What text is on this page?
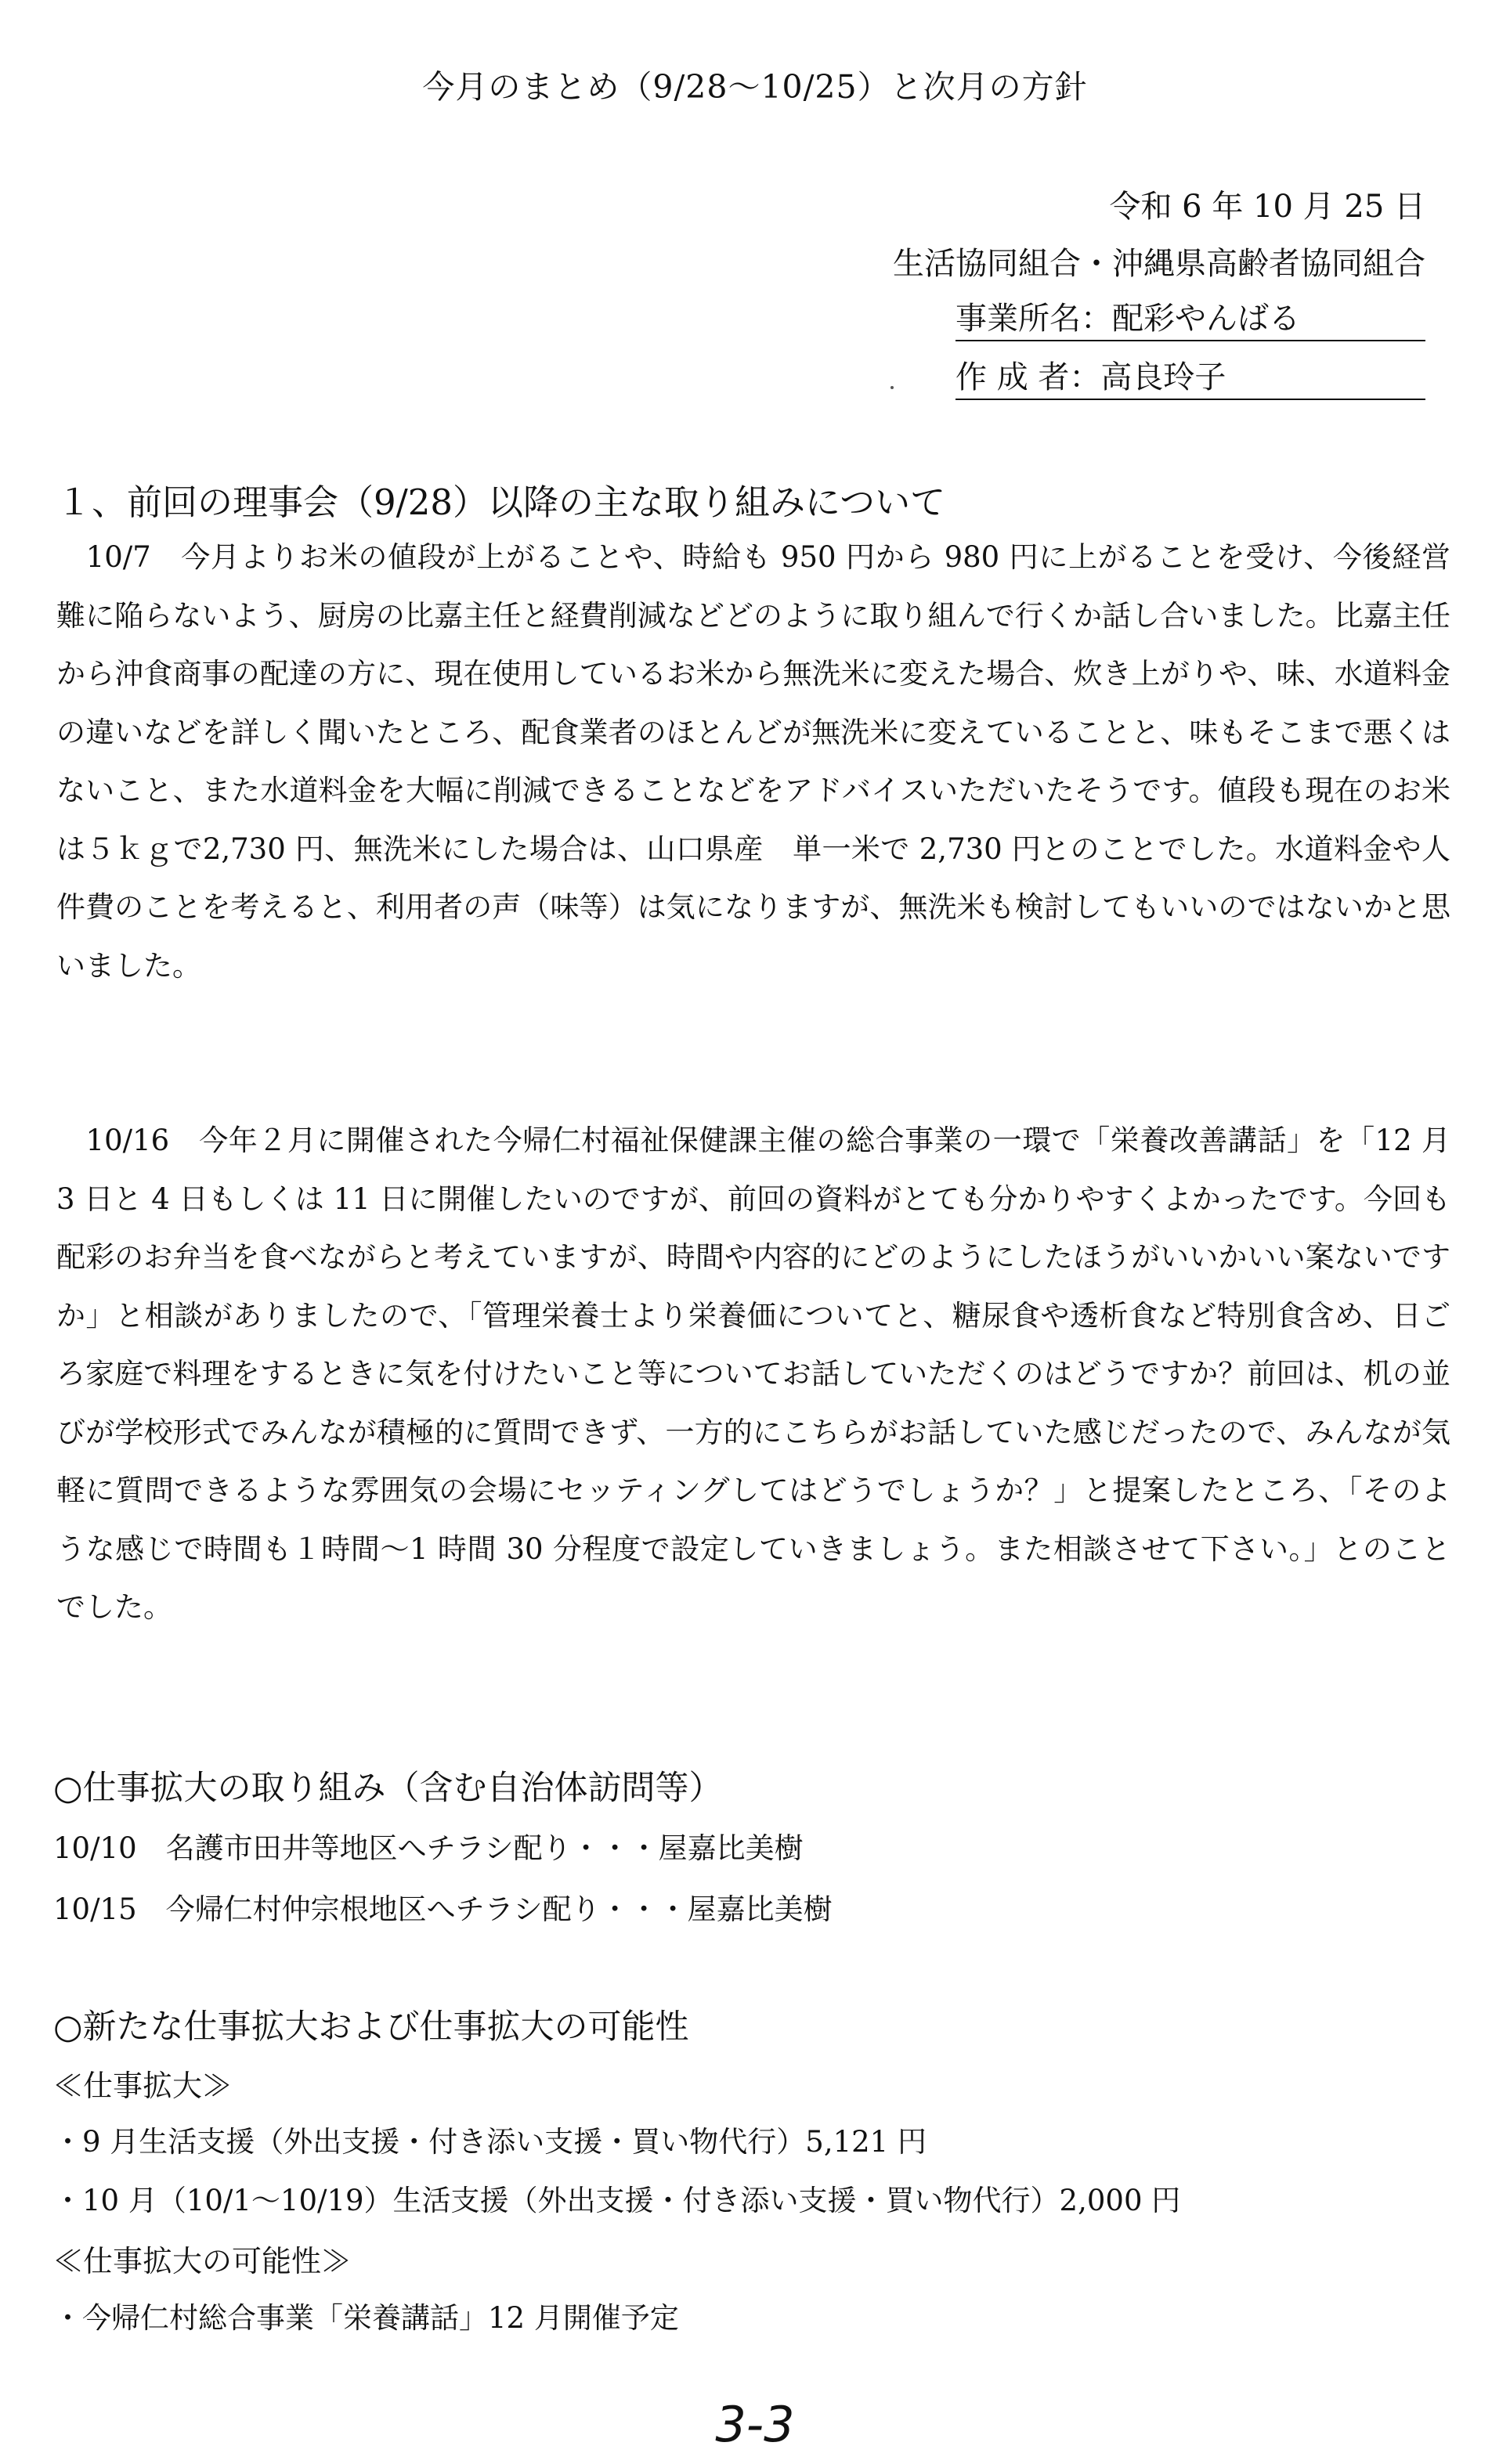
今月のまとめ（9/28〜10/25）と次月の方針
令和 6 年 10 月 25 日
生活協同組合・沖縄県高齢者協同組合
事業所名：配彩やんばる
作 成 者：高良玲子
１、前回の理事会（9/28）以降の主な取り組みについて
　10/7　今月よりお米の値段が上がることや、時給も 950 円から 980 円に上がることを受け、今後経営難に陥らないよう、厨房の比嘉主任と経費削減などどのように取り組んで行くか話し合いました。比嘉主任から沖食商事の配達の方に、現在使用しているお米から無洗米に変えた場合、炊き上がりや、味、水道料金の違いなどを詳しく聞いたところ、配食業者のほとんどが無洗米に変えていることと、味もそこまで悪くはないこと、また水道料金を大幅に削減できることなどをアドバイスいただいたそうです。値段も現在のお米は５ｋｇで2,730 円、無洗米にした場合は、山口県産　単一米で 2,730 円とのことでした。水道料金や人件費のことを考えると、利用者の声（味等）は気になりますが、無洗米も検討してもいいのではないかと思いました。
　10/16　今年２月に開催された今帰仁村福祉保健課主催の総合事業の一環で「栄養改善講話」を「12 月 3 日と 4 日もしくは 11 日に開催したいのですが、前回の資料がとても分かりやすくよかったです。今回も配彩のお弁当を食べながらと考えていますが、時間や内容的にどのようにしたほうがいいかいい案ないですか」と相談がありましたので、「管理栄養士より栄養価についてと、糖尿食や透析食など特別食含め、日ごろ家庭で料理をするときに気を付けたいこと等についてお話していただくのはどうですか？前回は、机の並びが学校形式でみんなが積極的に質問できず、一方的にこちらがお話していた感じだったので、みんなが気軽に質問できるような雰囲気の会場にセッティングしてはどうでしょうか？」と提案したところ、「そのような感じで時間も１時間〜1 時間 30 分程度で設定していきましょう。また相談させて下さい。」とのことでした。
○仕事拡大の取り組み（含む自治体訪問等）
10/10　名護市田井等地区へチラシ配り・・・屋嘉比美樹
10/15　今帰仁村仲宗根地区へチラシ配り・・・屋嘉比美樹
○新たな仕事拡大および仕事拡大の可能性
≪仕事拡大≫
・9 月生活支援（外出支援・付き添い支援・買い物代行）5,121 円
・10 月（10/1〜10/19）生活支援（外出支援・付き添い支援・買い物代行）2,000 円
≪仕事拡大の可能性≫
・今帰仁村総合事業「栄養講話」12 月開催予定
3-3
